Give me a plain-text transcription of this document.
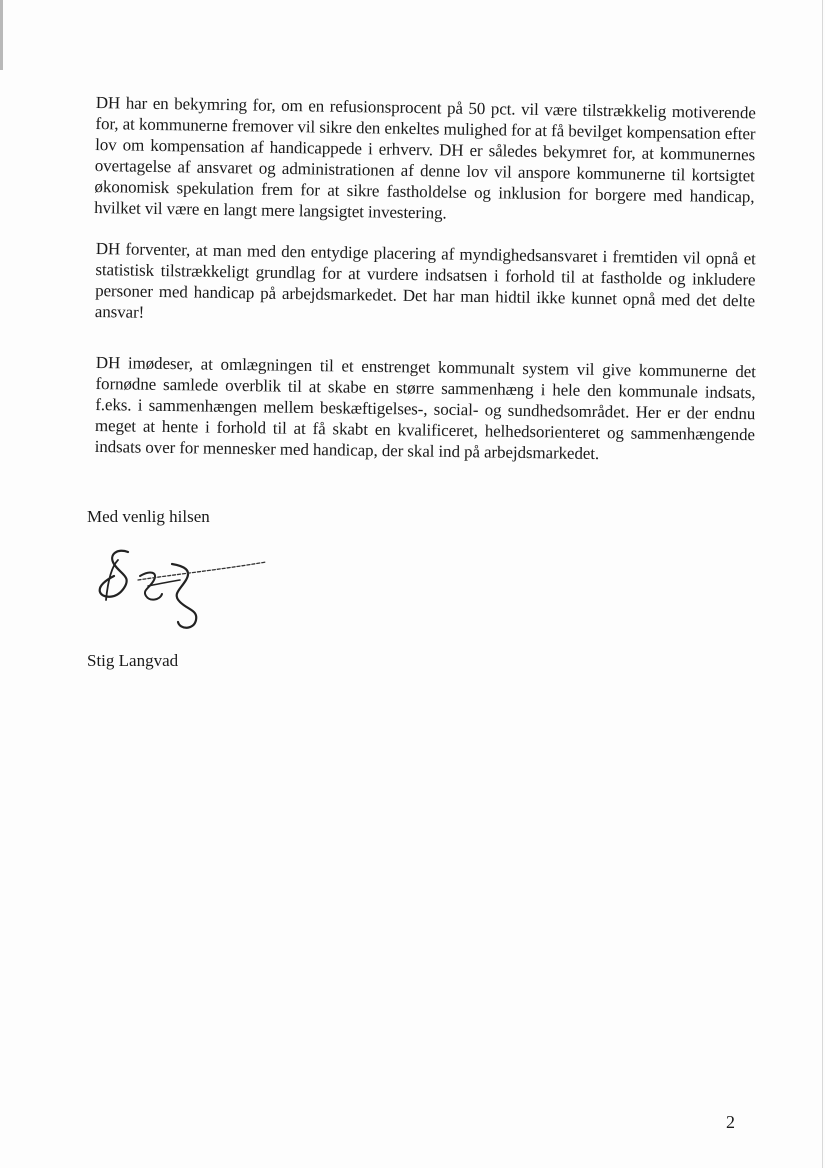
DH har en bekymring for, om en refusionsprocent på 50 pct. vil være tilstrækkelig motiverende for, at kommunerne fremover vil sikre den enkeltes mulighed for at få bevilget kompensation efter lov om kompensation af handicappede i erhverv. DH er således bekymret for, at kommunernes overtagelse af ansvaret og administrationen af denne lov vil anspore kommunerne til kortsigtet økonomisk spekulation frem for at sikre fastholdelse og inklusion for borgere med handicap, hvilket vil være en langt mere langsigtet investering.

DH forventer, at man med den entydige placering af myndighedsansvaret i fremtiden vil opnå et statistisk tilstrækkeligt grundlag for at vurdere indsatsen i forhold til at fastholde og inkludere personer med handicap på arbejdsmarkedet. Det har man hidtil ikke kunnet opnå med det delte ansvar!

DH imødeser, at omlægningen til et enstrenget kommunalt system vil give kommunerne det fornødne samlede overblik til at skabe en større sammenhæng i hele den kommunale indsats, f.eks. i sammenhængen mellem beskæftigelses-, social- og sundhedsområdet. Her er der endnu meget at hente i forhold til at få skabt en kvalificeret, helhedsorienteret og sammenhængende indsats over for mennesker med handicap, der skal ind på arbejdsmarkedet.

Med venlig hilsen

Stig Langvad

2
